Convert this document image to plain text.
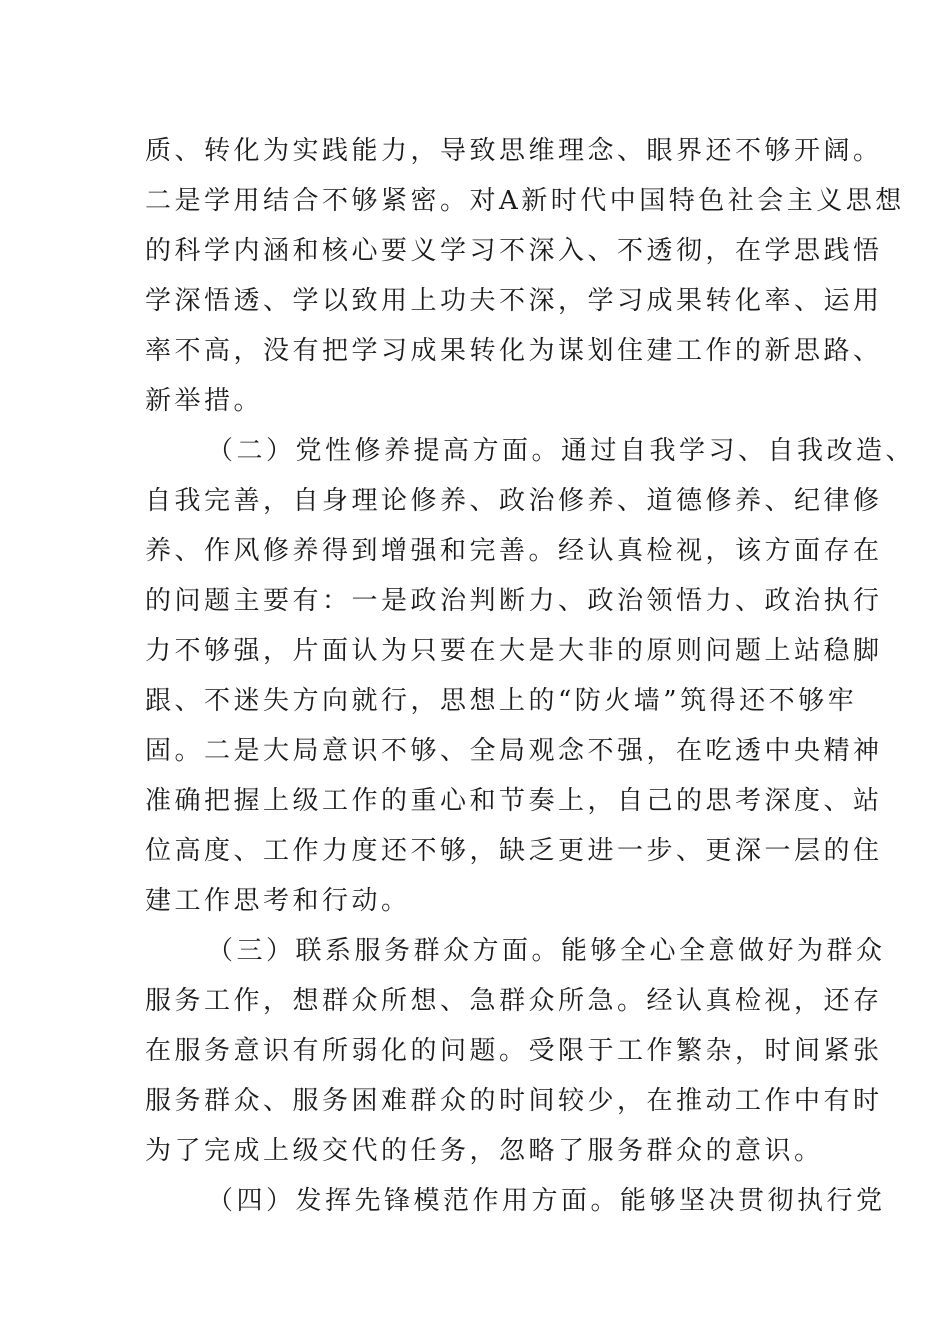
质、转化为实践能力，导致思维理念、眼界还不够开阔。
二是学用结合不够紧密。对A新时代中国特色社会主义思想
的科学内涵和核心要义学习不深入、不透彻，在学思践悟
学深悟透、学以致用上功夫不深，学习成果转化率、运用
率不高，没有把学习成果转化为谋划住建工作的新思路、
新举措。
（二）党性修养提高方面。通过自我学习、自我改造、
自我完善，自身理论修养、政治修养、道德修养、纪律修
养、作风修养得到增强和完善。经认真检视，该方面存在
的问题主要有：一是政治判断力、政治领悟力、政治执行
力不够强，片面认为只要在大是大非的原则问题上站稳脚
跟、不迷失方向就行，思想上的“防火墙”筑得还不够牢
固。二是大局意识不够、全局观念不强，在吃透中央精神
准确把握上级工作的重心和节奏上，自己的思考深度、站
位高度、工作力度还不够，缺乏更进一步、更深一层的住
建工作思考和行动。
（三）联系服务群众方面。能够全心全意做好为群众
服务工作，想群众所想、急群众所急。经认真检视，还存
在服务意识有所弱化的问题。受限于工作繁杂，时间紧张
服务群众、服务困难群众的时间较少，在推动工作中有时
为了完成上级交代的任务，忽略了服务群众的意识。
（四）发挥先锋模范作用方面。能够坚决贯彻执行党
